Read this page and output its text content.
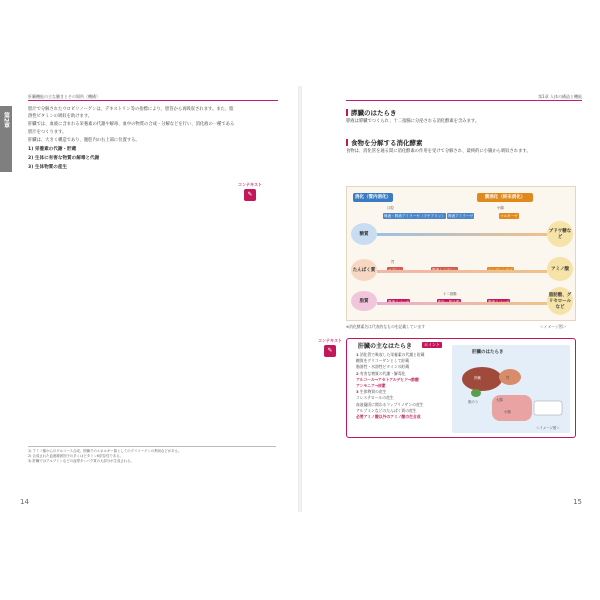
第2章
肝臓機能の主な働きとその場所（機構）

胆汁で分解されたウロビリノーゲンは、デキストリン等の指標により、胆管から再吸収されます。また、脂溶性ビタミンの吸収を助けます。

肝臓では、血液に含まれる栄養素の代謝や解毒、血中の物質の合成・分解などを行い、消化液の一種である胆汁をつくります。

肝臓は、大きく構造であり、腹腔内の右上部に位置する。

1) 栄養素の代謝・貯蔵

2) 生体に有害な物質の解毒と代謝

3) 生体物質の産生

コンテキスト
✎
1) アミノ酸からのグルコース合成、肝臓でのエネルギー源としてのグリコーゲンの利用などがある。
2) 合成された血液凝固因子の多くはビタミンK依存性である。
3) 肝臓ではアルブミンなどの血漿タンパク質の大部分が生成される。
14
第1章 人体の構造と機能
15
膵臓のはたらき

膵液は膵臓でつくられ、十二指腸に分泌される消化酵素を含みます。

食物を分解する消化酵素

食物は、消化管を通る間に消化酵素の作用を受けて分解され、最終的に小腸から吸収されます。

消化（管内消化）	膜消化（終末消化）
糖質
たんぱく質
脂質
唾液・膵液アミラーゼ（プチアリン） 膵液アミラーゼ	マルターゼ
ブドウ糖など
アミノ酸
脂肪酸、グリセロールなど
口腔
胃
小腸
十二指腸
※消化酵素名は代表的なものを記載しています	＜イメージ図＞
コンテキスト
✎
肝臓の主なはたらき	ポイント
1 消化管で吸収した栄養素の代謝と貯蔵
糖質をグリコーゲンとして貯蔵
脂溶性・水溶性ビタミンの貯蔵
2 有害な物質の代謝・解毒化
アルコール→アセトアルデヒド→酢酸
アンモニア→尿素
3 生体物質の産生
コレステロールの産生
血液凝固に関わるフィブリノゲンの産生
アルブミンなどのたんぱく質の産生
必要アミノ酸以外のアミノ酸の生合成
肝臓のはたらき
肝臓
胆のう
胃
大腸
小腸
＜イメージ図＞
